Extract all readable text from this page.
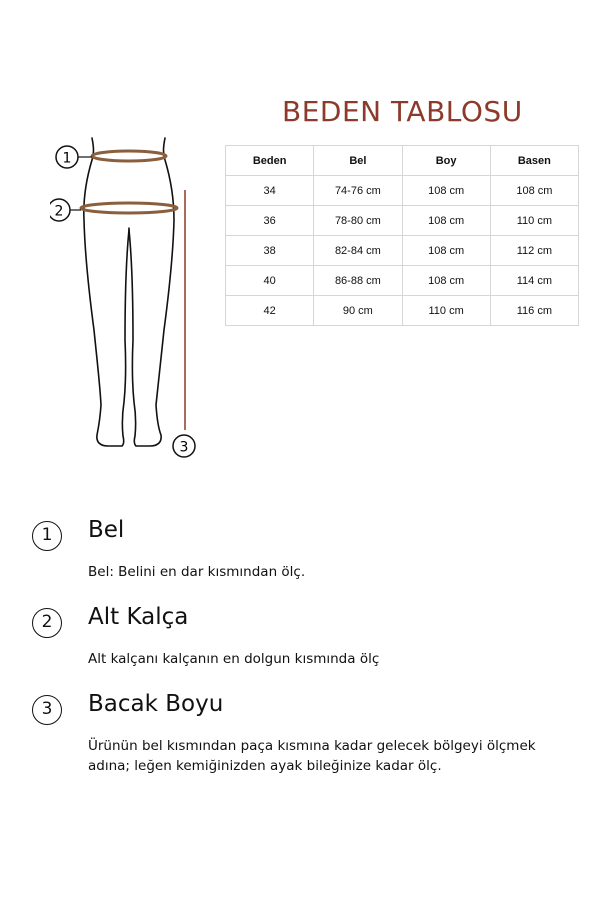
BEDEN TABLOSU
Beden	Bel	Boy	Basen
34	74-76 cm	108 cm	108 cm
36	78-80 cm	108 cm	110 cm
38	82-84 cm	108 cm	112 cm
40	86-88 cm	108 cm	114 cm
42	90 cm	110 cm	116 cm
1
2
3
1	Bel
Bel: Belini en dar kısmından ölç.
2	Alt Kalça
Alt kalçanı kalçanın en dolgun kısmında ölç
3	Bacak Boyu
Ürünün bel kısmından paça kısmına kadar gelecek bölgeyi ölçmek adına; leğen kemiğinizden ayak bileğinize kadar ölç.
